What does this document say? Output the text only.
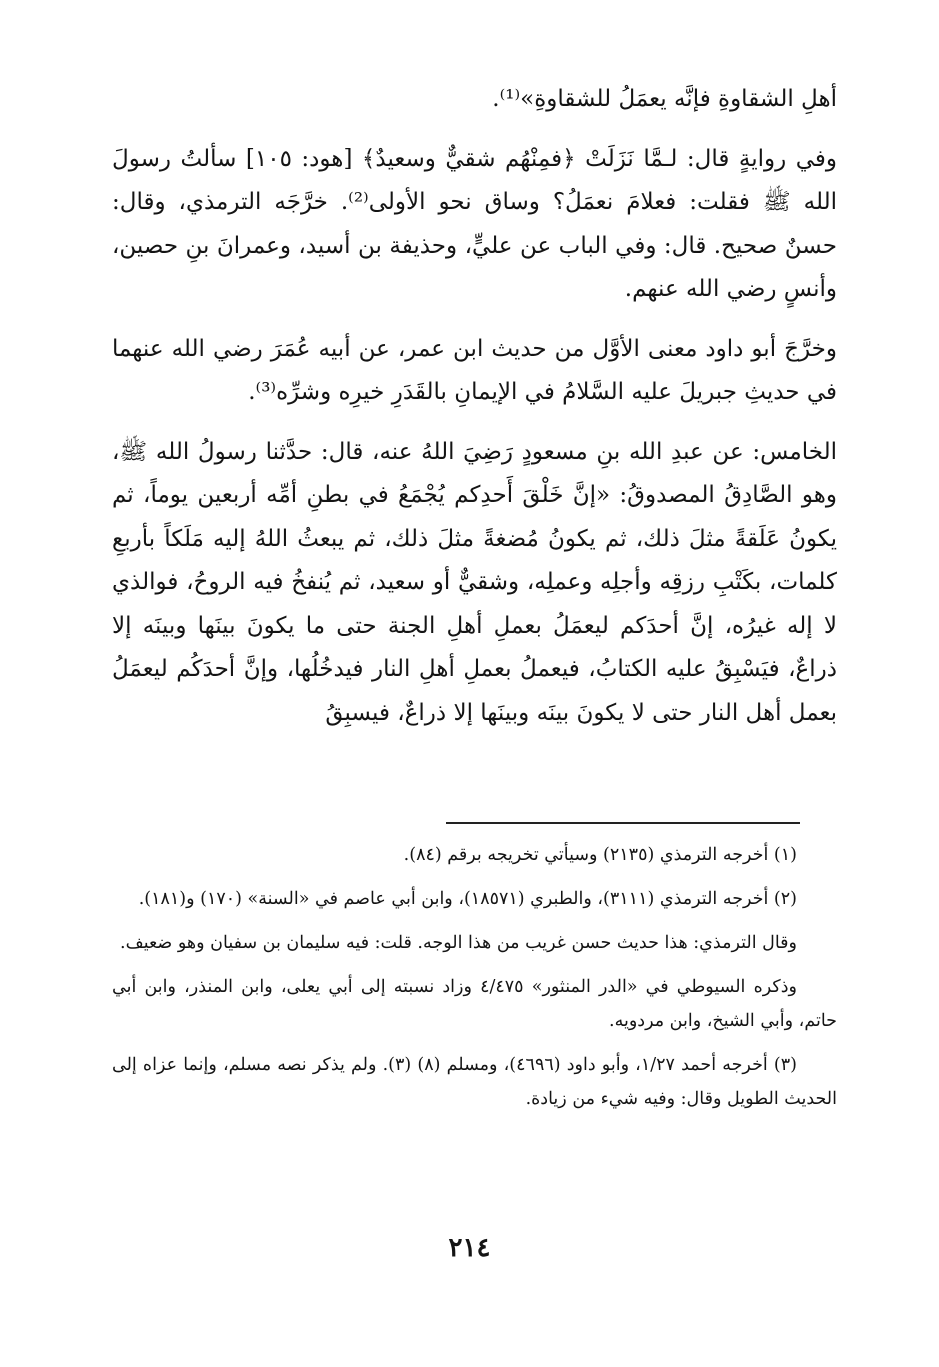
أهلِ الشقاوةِ فإنَّه يعمَلُ للشقاوةِ»⁽¹⁾.

وفي روايةٍ قال: لـمَّا نَزَلَتْ ﴿فمِنْهُم شقيٌّ وسعيدٌ﴾ [هود: ١٠٥] سألتُ رسولَ الله ﷺ فقلت: فعلامَ نعمَلُ؟ وساق نحو الأولى⁽²⁾. خرَّجَه الترمذي، وقال: حسنٌ صحيح. قال: وفي الباب عن عليٍّ، وحذيفة بن أسيد، وعمرانَ بنِ حصين، وأنسٍ رضي الله عنهم.

وخرَّجَ أبو داود معنى الأوَّل من حديث ابن عمر، عن أبيه عُمَرَ رضي الله عنهما في حديثِ جبريلَ عليه السَّلامُ في الإيمانِ بالقَدَرِ خيرِه وشرِّه⁽³⁾.

الخامس: عن عبدِ الله بنِ مسعودٍ رَضِيَ اللهُ عنه، قال: حدَّثنا رسولُ الله ﷺ، وهو الصَّادِقُ المصدوقُ: «إنَّ خَلْقَ أَحدِكم يُجْمَعُ في بطنِ أمِّه أربعين يوماً، ثم يكونُ عَلَقةً مثلَ ذلك، ثم يكونُ مُضغةً مثلَ ذلك، ثم يبعثُ اللهُ إليه مَلَكاً بأربعِ كلمات، بكَتْبِ رزقِه وأجلِه وعملِه، وشقيٌّ أو سعيد، ثم يُنفخُ فيه الروحُ، فوالذي لا إله غيرُه، إنَّ أحدَكم ليعمَلُ بعملِ أهلِ الجنة حتى ما يكونَ بينَها وبينَه إلا ذراعٌ، فيَسْبِقُ عليه الكتابُ، فيعملُ بعملِ أهلِ النار فيدخُلُها، وإنَّ أحدَكُم ليعمَلُ بعمل أهل النار حتى لا يكونَ بينَه وبينَها إلا ذراعٌ، فيسبِقُ

(١) أخرجه الترمذي (٢١٣٥) وسيأتي تخريجه برقم (٨٤).

(٢) أخرجه الترمذي (٣١١١)، والطبري (١٨٥٧١)، وابن أبي عاصم في «السنة» (١٧٠) و(١٨١).

وقال الترمذي: هذا حديث حسن غريب من هذا الوجه. قلت: فيه سليمان بن سفيان وهو ضعيف.

وذكره السيوطي في «الدر المنثور» ٤/٤٧٥ وزاد نسبته إلى أبي يعلى، وابن المنذر، وابن أبي حاتم، وأبي الشيخ، وابن مردويه.

(٣) أخرجه أحمد ١/٢٧، وأبو داود (٤٦٩٦)، ومسلم (٨) (٣). ولم يذكر نصه مسلم، وإنما عزاه إلى الحديث الطويل وقال: وفيه شيء من زيادة.

٢١٤
